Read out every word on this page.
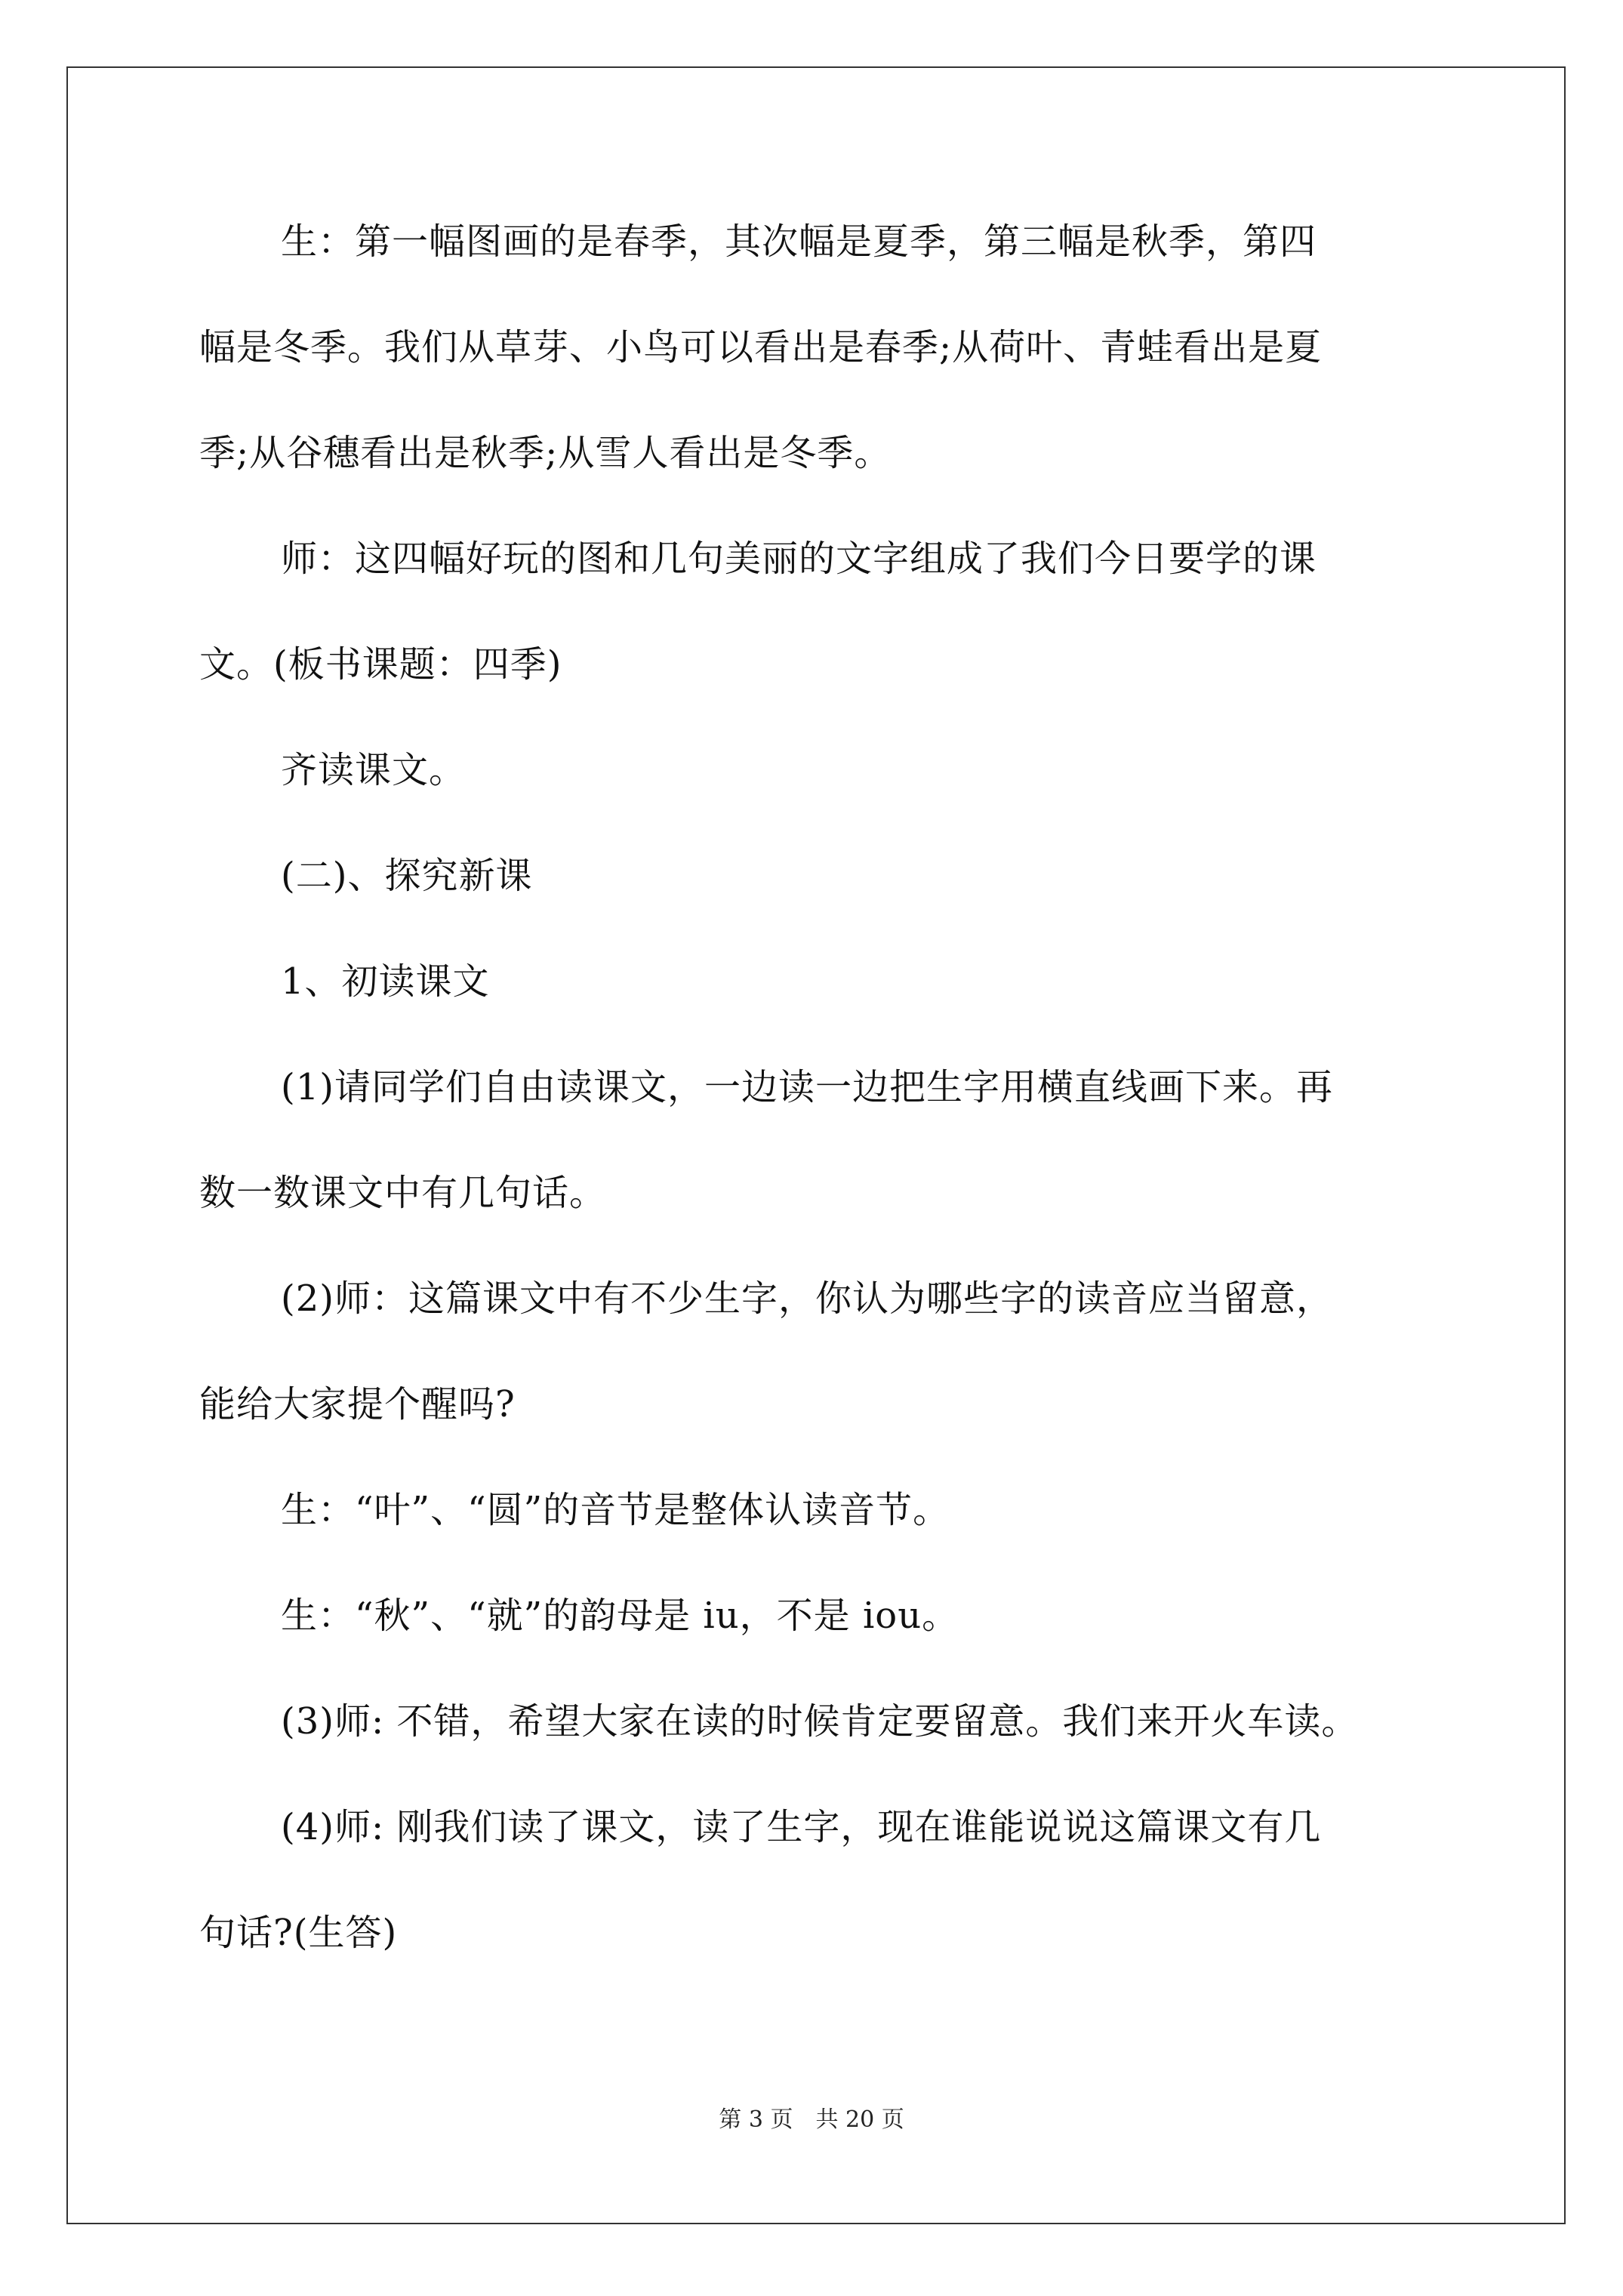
生：第一幅图画的是春季，其次幅是夏季，第三幅是秋季，第四
幅是冬季。我们从草芽、小鸟可以看出是春季;从荷叶、青蛙看出是夏
季;从谷穗看出是秋季;从雪人看出是冬季。
师：这四幅好玩的图和几句美丽的文字组成了我们今日要学的课
文。(板书课题：四季)
齐读课文。
(二)、探究新课
1、初读课文
(1)请同学们自由读课文，一边读一边把生字用横直线画下来。再
数一数课文中有几句话。
(2)师：这篇课文中有不少生字，你认为哪些字的读音应当留意，
能给大家提个醒吗?
生：“叶”、“圆”的音节是整体认读音节。
生：“秋”、“就”的韵母是 iu，不是 iou。
(3)师: 不错，希望大家在读的时候肯定要留意。我们来开火车读。
(4)师: 刚我们读了课文，读了生字，现在谁能说说这篇课文有几
句话?(生答)
第 3 页　共 20 页
